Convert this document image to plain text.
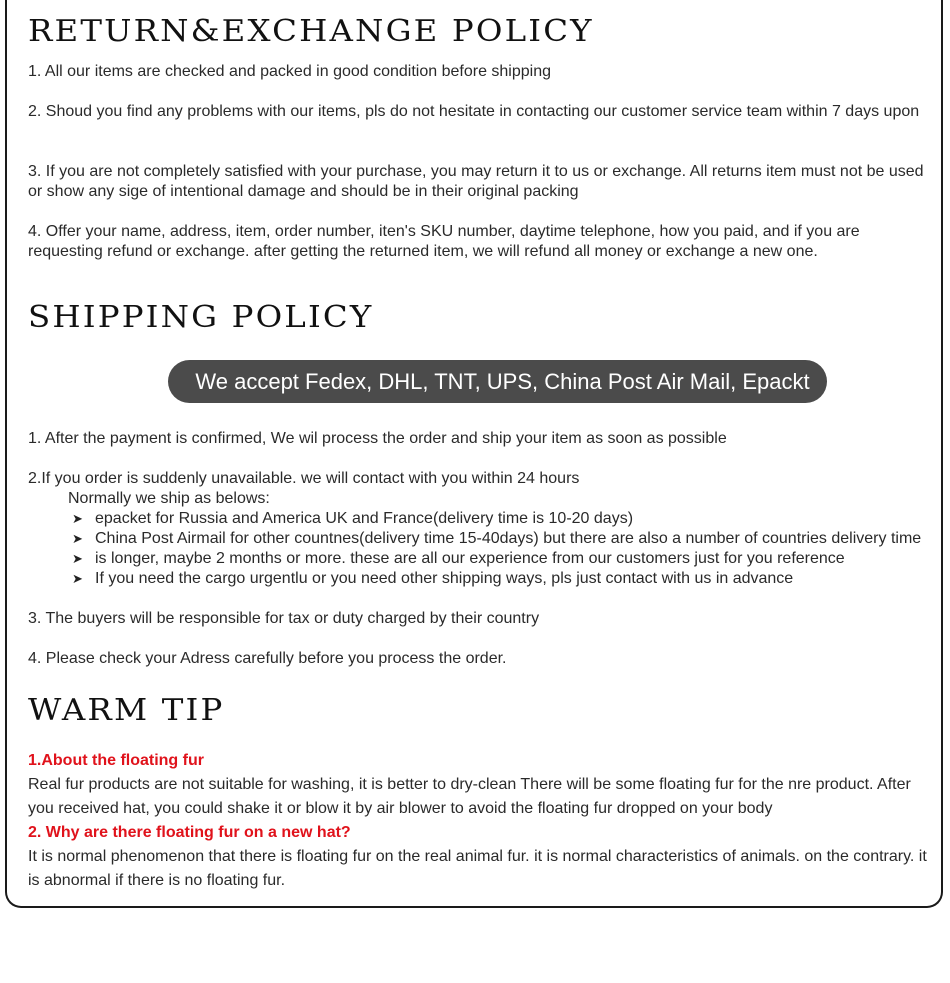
RETURN&EXCHANGE POLICY

1. All our items are checked and packed in good condition before shipping

2. Shoud you find any problems with our items, pls do not hesitate in contacting our customer service team within 7 days upon

3. If you are not completely satisfied with your purchase, you may return it to us or exchange. All returns item must not be used or show any sige of intentional damage and should be in their original packing

4. Offer your name, address, item, order number, iten's SKU number, daytime telephone, how you paid, and if you are requesting refund or exchange. after getting the returned item, we will refund all money or exchange a new one.

SHIPPING POLICY
We accept Fedex, DHL, TNT, UPS, China Post Air Mail, Epackt

1. After the payment is confirmed, We wil process the order and ship your item as soon as possible

2.If you order is suddenly unavailable. we will contact with you within 24 hours

Normally we ship as belows:
➤ epacket for Russia and America UK and France(delivery time is 10-20 days)
➤ China Post Airmail for other countnes(delivery time 15-40days) but there are also a number of countries delivery time
➤ is longer, maybe 2 months or more. these are all our experience from our customers just for you reference
➤ If you need the cargo urgentlu or you need other shipping ways, pls just contact with us in advance

3. The buyers will be responsible for tax or duty charged by their country

4. Please check your Adress carefully before you process the order.

WARM TIP

1.About the floating fur

Real fur products are not suitable for washing, it is better to dry-clean There will be some floating fur for the nre product. After you received hat, you could shake it or blow it by air blower to avoid the floating fur dropped on your body

2. Why are there floating fur on a new hat?

It is normal phenomenon that there is floating fur on the real animal fur. it is normal characteristics of animals. on the contrary. it is abnormal if there is no floating fur.
